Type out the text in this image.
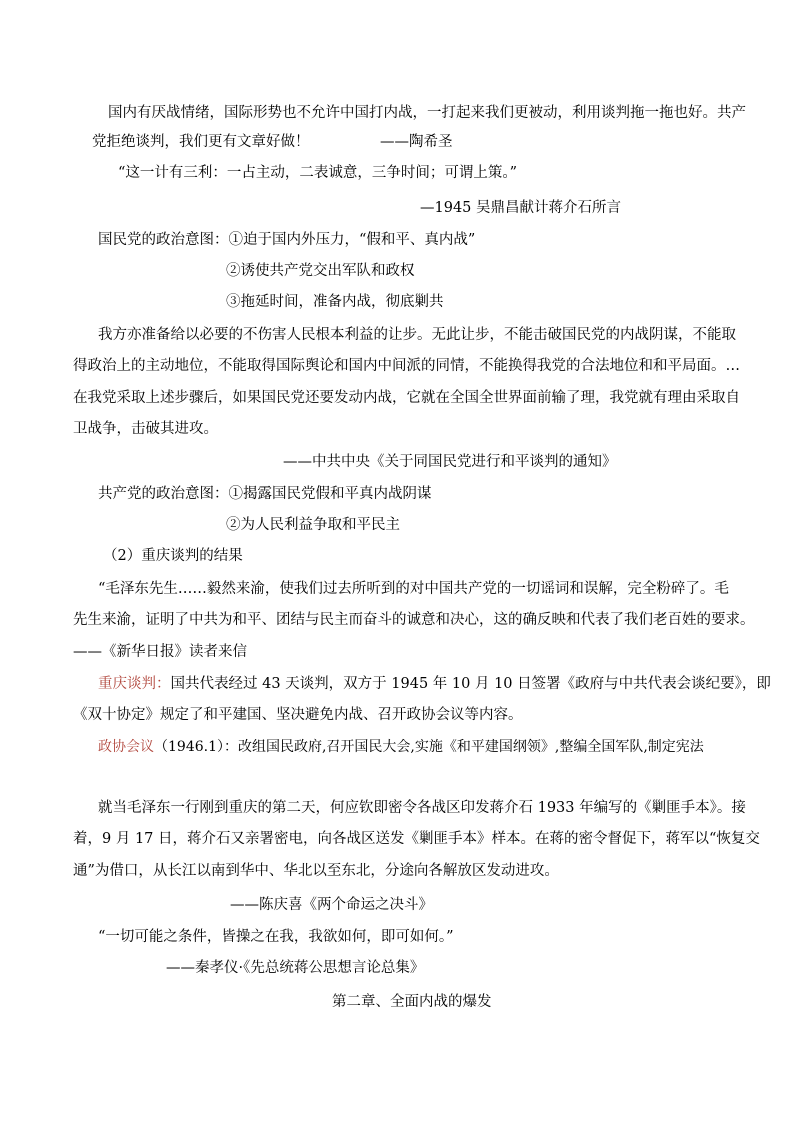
国内有厌战情绪，国际形势也不允许中国打内战，一打起来我们更被动，利用谈判拖一拖也好。共产
党拒绝谈判，我们更有文章好做！	——陶希圣
“这一计有三利：一占主动，二表诚意，三争时间；可谓上策。”
—1945 吴鼎昌献计蒋介石所言
国民党的政治意图：①迫于国内外压力，“假和平、真内战”
②诱使共产党交出军队和政权
③拖延时间，准备内战，彻底剿共
我方亦准备给以必要的不伤害人民根本利益的让步。无此让步，不能击破国民党的内战阴谋，不能取
得政治上的主动地位，不能取得国际舆论和国内中间派的同情，不能换得我党的合法地位和和平局面。…
在我党采取上述步骤后，如果国民党还要发动内战，它就在全国全世界面前输了理，我党就有理由采取自
卫战争，击破其进攻。
——中共中央《关于同国民党进行和平谈判的通知》
共产党的政治意图：①揭露国民党假和平真内战阴谋
②为人民利益争取和平民主
（2）重庆谈判的结果
“毛泽东先生……毅然来渝，使我们过去所听到的对中国共产党的一切谣词和误解，完全粉碎了。毛
先生来渝，证明了中共为和平、团结与民主而奋斗的诚意和决心，这的确反映和代表了我们老百姓的要求。
——《新华日报》读者来信
重庆谈判：国共代表经过 43 天谈判，双方于 1945 年 10 月 10 日签署《政府与中共代表会谈纪要》，即
《双十协定》规定了和平建国、坚决避免内战、召开政协会议等内容。
政协会议（1946.1）：改组国民政府,召开国民大会,实施《和平建国纲领》,整编全国军队,制定宪法
就当毛泽东一行刚到重庆的第二天，何应钦即密令各战区印发蒋介石 1933 年编写的《剿匪手本》。接
着，9 月 17 日，蒋介石又亲署密电，向各战区送发《剿匪手本》样本。在蒋的密令督促下，蒋军以“恢复交
通”为借口，从长江以南到华中、华北以至东北，分途向各解放区发动进攻。
——陈庆喜《两个命运之决斗》
“一切可能之条件，皆操之在我，我欲如何，即可如何。”
——秦孝仪·《先总统蒋公思想言论总集》
第二章、全面内战的爆发
